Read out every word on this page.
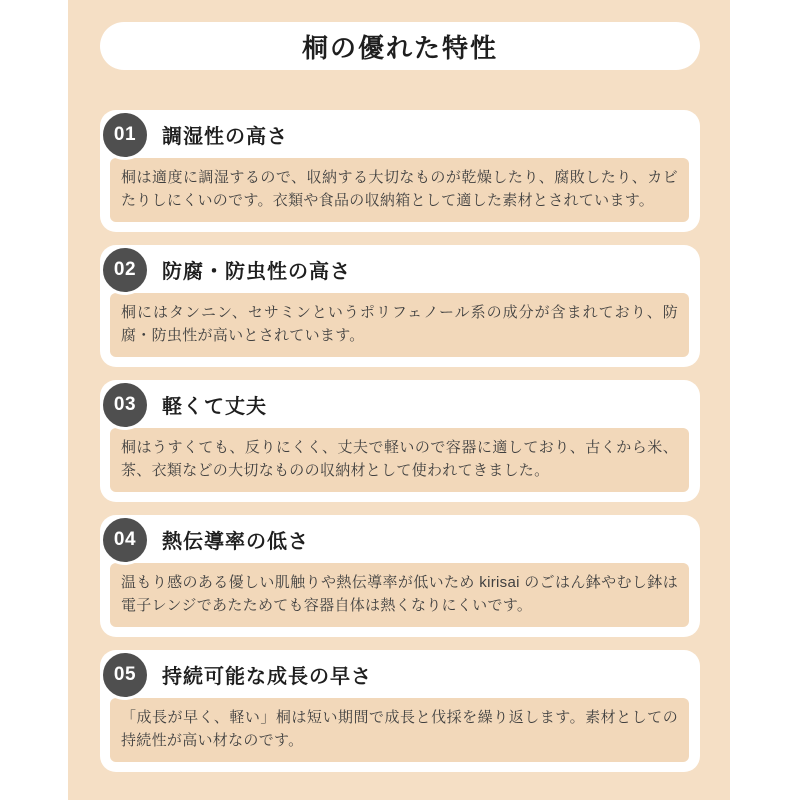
桐の優れた特性
01 調湿性の高さ

桐は適度に調湿するので、収納する大切なものが乾燥したり、腐敗したり、カビたりしにくいのです。衣類や食品の収納箱として適した素材とされています。

02 防腐・防虫性の高さ

桐にはタンニン、セサミンというポリフェノール系の成分が含まれており、防腐・防虫性が高いとされています。

03 軽くて丈夫

桐はうすくても、反りにくく、丈夫で軽いので容器に適しており、古くから米、茶、衣類などの大切なものの収納材として使われてきました。

04 熱伝導率の低さ

温もり感のある優しい肌触りや熱伝導率が低いため kirisai のごはん鉢やむし鉢は電子レンジであたためても容器自体は熱くなりにくいです。

05 持続可能な成長の早さ

「成長が早く、軽い」桐は短い期間で成長と伐採を繰り返します。素材としての持続性が高い材なのです。
